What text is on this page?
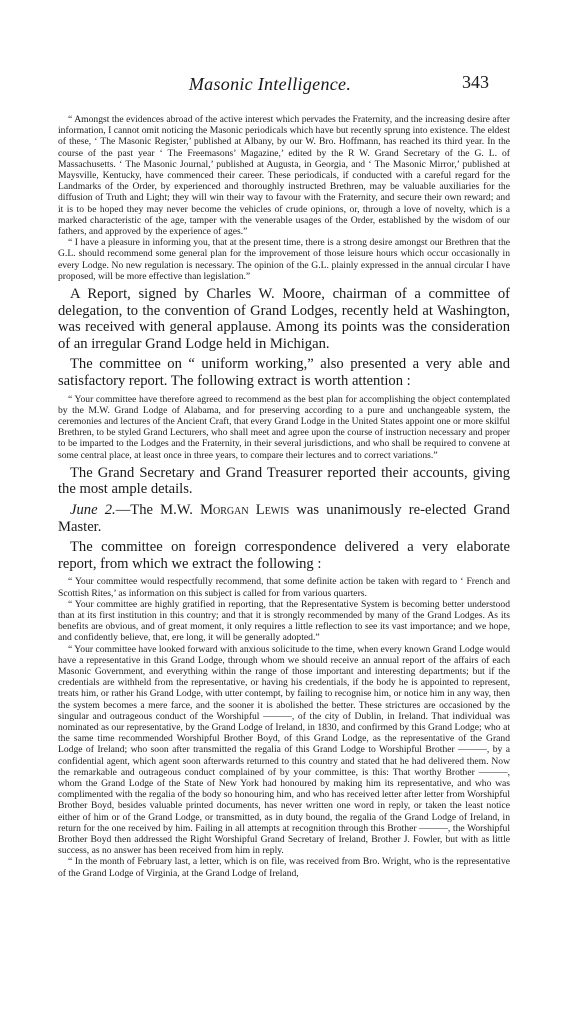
Masonic Intelligence.	343

“ Amongst the evidences abroad of the active interest which pervades the Fraternity, and the increasing desire after information, I cannot omit noticing the Masonic periodicals which have but recently sprung into existence. The eldest of these, ‘ The Masonic Register,’ published at Albany, by our W. Bro. Hoffmann, has reached its third year. In the course of the past year ‘ The Freemasons’ Magazine,’ edited by the R W. Grand Secretary of the G. L. of Massachusetts. ‘ The Masonic Journal,’ published at Augusta, in Georgia, and ‘ The Masonic Mirror,’ published at Maysville, Kentucky, have commenced their career. These periodicals, if conducted with a careful regard for the Landmarks of the Order, by experienced and thoroughly instructed Brethren, may be valuable auxiliaries for the diffusion of Truth and Light; they will win their way to favour with the Fraternity, and secure their own reward; and it is to be hoped they may never become the vehicles of crude opinions, or, through a love of novelty, which is a marked characteristic of the age, tamper with the venerable usages of the Order, established by the wisdom of our fathers, and approved by the experience of ages.”

“ I have a pleasure in informing you, that at the present time, there is a strong desire amongst our Brethren that the G.L. should recommend some general plan for the improvement of those leisure hours which occur occasionally in every Lodge. No new regulation is necessary. The opinion of the G.L. plainly expressed in the annual circular I have proposed, will be more effective than legislation.”

A Report, signed by Charles W. Moore, chairman of a committee of delegation, to the convention of Grand Lodges, recently held at Washington, was received with general applause. Among its points was the consideration of an irregular Grand Lodge held in Michigan.

The committee on “ uniform working,” also presented a very able and satisfactory report. The following extract is worth attention :

“ Your committee have therefore agreed to recommend as the best plan for accomplishing the object contemplated by the M.W. Grand Lodge of Alabama, and for preserving according to a pure and unchangeable system, the ceremonies and lectures of the Ancient Craft, that every Grand Lodge in the United States appoint one or more skilful Brethren, to be styled Grand Lecturers, who shall meet and agree upon the course of instruction necessary and proper to be imparted to the Lodges and the Fraternity, in their several jurisdictions, and who shall be required to convene at some central place, at least once in three years, to compare their lectures and to correct variations.”

The Grand Secretary and Grand Treasurer reported their accounts, giving the most ample details.

June 2.—The M.W. Morgan Lewis was unanimously re-elected Grand Master.

The committee on foreign correspondence delivered a very elaborate report, from which we extract the following :

“ Your committee would respectfully recommend, that some definite action be taken with regard to ‘ French and Scottish Rites,’ as information on this subject is called for from various quarters.

“ Your committee are highly gratified in reporting, that the Representative System is becoming better understood than at its first institution in this country; and that it is strongly recommended by many of the Grand Lodges. As its benefits are obvious, and of great moment, it only requires a little reflection to see its vast importance; and we hope, and confidently believe, that, ere long, it will be generally adopted.”

“ Your committee have looked forward with anxious solicitude to the time, when every known Grand Lodge would have a representative in this Grand Lodge, through whom we should receive an annual report of the affairs of each Masonic Government, and everything within the range of those important and interesting departments; but if the credentials are withheld from the representative, or having his credentials, if the body he is appointed to represent, treats him, or rather his Grand Lodge, with utter contempt, by failing to recognise him, or notice him in any way, then the system becomes a mere farce, and the sooner it is abolished the better. These strictures are occasioned by the singular and outrageous conduct of the Worshipful ———, of the city of Dublin, in Ireland. That individual was nominated as our representative, by the Grand Lodge of Ireland, in 1830, and confirmed by this Grand Lodge; who at the same time recommended Worshipful Brother Boyd, of this Grand Lodge, as the representative of the Grand Lodge of Ireland; who soon after transmitted the regalia of this Grand Lodge to Worshipful Brother ———, by a confidential agent, which agent soon afterwards returned to this country and stated that he had delivered them. Now the remarkable and outrageous conduct complained of by your committee, is this: That worthy Brother ———, whom the Grand Lodge of the State of New York had honoured by making him its representative, and who was complimented with the regalia of the body so honouring him, and who has received letter after letter from Worshipful Brother Boyd, besides valuable printed documents, has never written one word in reply, or taken the least notice either of him or of the Grand Lodge, or transmitted, as in duty bound, the regalia of the Grand Lodge of Ireland, in return for the one received by him. Failing in all attempts at recognition through this Brother ———, the Worshipful Brother Boyd then addressed the Right Worshipful Grand Secretary of Ireland, Brother J. Fowler, but with as little success, as no answer has been received from him in reply.

“ In the month of February last, a letter, which is on file, was received from Bro. Wright, who is the representative of the Grand Lodge of Virginia, at the Grand Lodge of Ireland,
